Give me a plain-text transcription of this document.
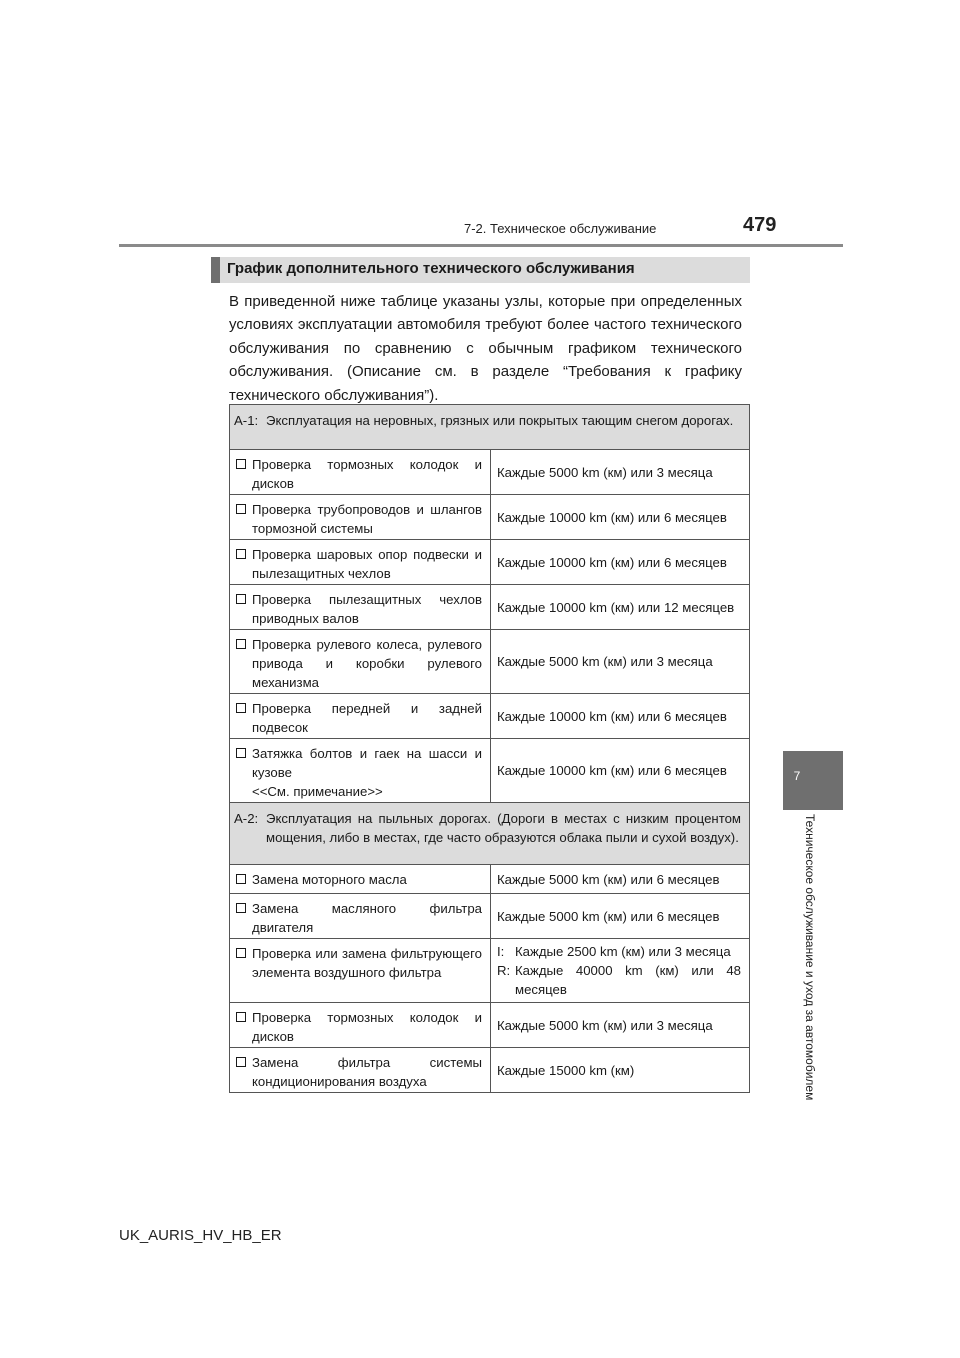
7-2. Техническое обслуживание	479
7
Техническое обслуживание и уход за автомобилем
График дополнительного технического обслуживания
В приведенной ниже таблице указаны узлы, которые при определенных условиях эксплуатации автомобиля требуют более частого технического обслуживания по сравнению с обычным графиком технического обслуживания. (Описание см. в разделе “Требования к графику технического обслуживания”).
А-1: Эксплуатация на неровных, грязных или покрытых тающим снегом дорогах.
Проверка тормозных колодок и дисков
Каждые 5000 km (км) или 3 месяца
Проверка трубопроводов и шлангов тормозной системы
Каждые 10000 km (км) или 6 месяцев
Проверка шаровых опор подвески и пылезащитных чехлов
Каждые 10000 km (км) или 6 месяцев
Проверка пылезащитных чехлов приводных валов
Каждые 10000 km (км) или 12 месяцев
Проверка рулевого колеса, рулевого привода и коробки рулевого механизма
Каждые 5000 km (км) или 3 месяца
Проверка передней и задней подвесок
Каждые 10000 km (км) или 6 месяцев
Затяжка болтов и гаек на шасси и кузове
<<См. примечание>>
Каждые 10000 km (км) или 6 месяцев
А-2: Эксплуатация на пыльных дорогах. (Дороги в местах с низким процентом мощения, либо в местах, где часто образуются облака пыли и сухой воздух).
Замена моторного масла	Каждые 5000 km (км) или 6 месяцев
Замена масляного фильтра двигателя
Каждые 5000 km (км) или 6 месяцев
Проверка или замена фильтрующего элемента воздушного фильтра
I: Каждые 2500 km (км) или 3 месяца
R: Каждые 40000 km (км) или 48 месяцев
Проверка тормозных колодок и дисков
Каждые 5000 km (км) или 3 месяца
Замена фильтра системы кондиционирования воздуха
Каждые 15000 km (км)
UK_AURIS_HV_HB_ER
